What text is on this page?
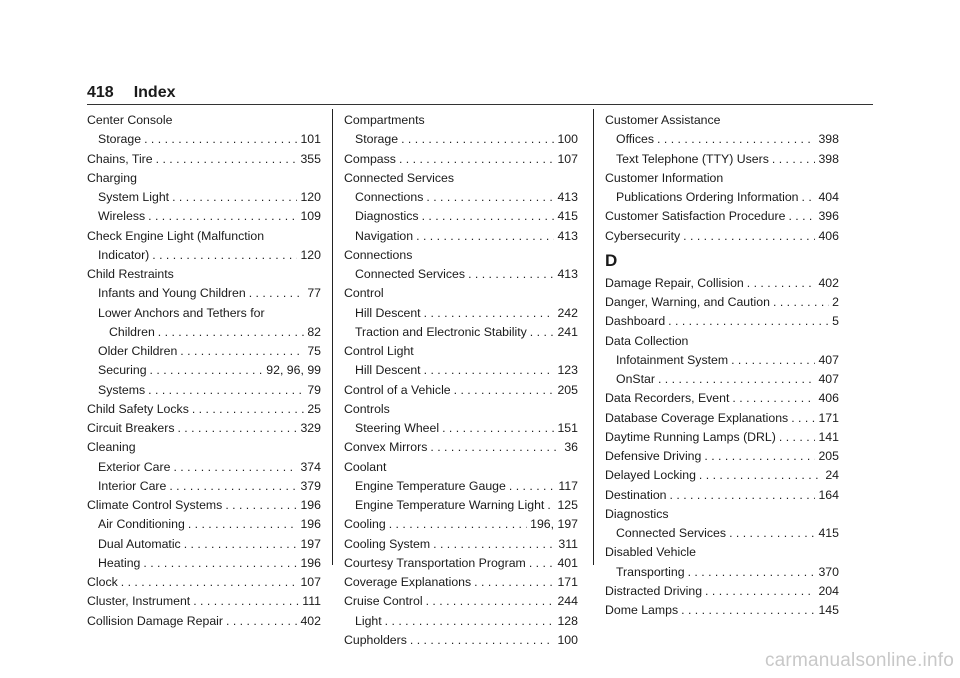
418 Index
Center Console
Storage . . .	101
Chains, Tire . . .	355
Charging
System Light . . .	120
Wireless . . .	109
Check Engine Light (Malfunction
Indicator) . . .	120
Child Restraints
Infants and Young Children . . .	77
Lower Anchors and Tethers for
Children . . .	82
Older Children . . .	75
Securing . . .	92, 96, 99
Systems . . .	79
Child Safety Locks . . .	25
Circuit Breakers . . .	329
Cleaning
Exterior Care . . .	374
Interior Care . . .	379
Climate Control Systems . . .	196
Air Conditioning . . .	196
Dual Automatic . . .	197
Heating . . .	196
Clock . . .	107
Cluster, Instrument . . .	111
Collision Damage Repair . . .	402
Compartments
Storage . . .	100
Compass . . .	107
Connected Services
Connections . . .	413
Diagnostics . . .	415
Navigation . . .	413
Connections
Connected Services . . .	413
Control
Hill Descent . . .	242
Traction and Electronic Stability . . . 241
Control Light
Hill Descent . . .	123
Control of a Vehicle . . .	205
Controls
Steering Wheel . . .	151
Convex Mirrors . . .	36
Coolant
Engine Temperature Gauge . . .	117
Engine Temperature Warning Light . . . 125
Cooling . . .	196, 197
Cooling System . . .	311
Courtesy Transportation Program . . .	401
Coverage Explanations . . .	171
Cruise Control . . .	244
Light . . .	128
Cupholders . . .	100
Customer Assistance
Offices . . .	398
Text Telephone (TTY) Users . . .	398
Customer Information
Publications Ordering Information . . . 404
Customer Satisfaction Procedure . . .	396
Cybersecurity . . .	406
D
Damage Repair, Collision . . .	402
Danger, Warning, and Caution . . .	2
Dashboard . . .	5
Data Collection
Infotainment System . . .	407
OnStar . . .	407
Data Recorders, Event . . .	406
Database Coverage Explanations . . . 171
Daytime Running Lamps (DRL) . . .	141
Defensive Driving . . .	205
Delayed Locking . . .	24
Destination . . .	164
Diagnostics
Connected Services . . .	415
Disabled Vehicle
Transporting . . .	370
Distracted Driving . . .	204
Dome Lamps . . .	145
carmanualsonline.info
